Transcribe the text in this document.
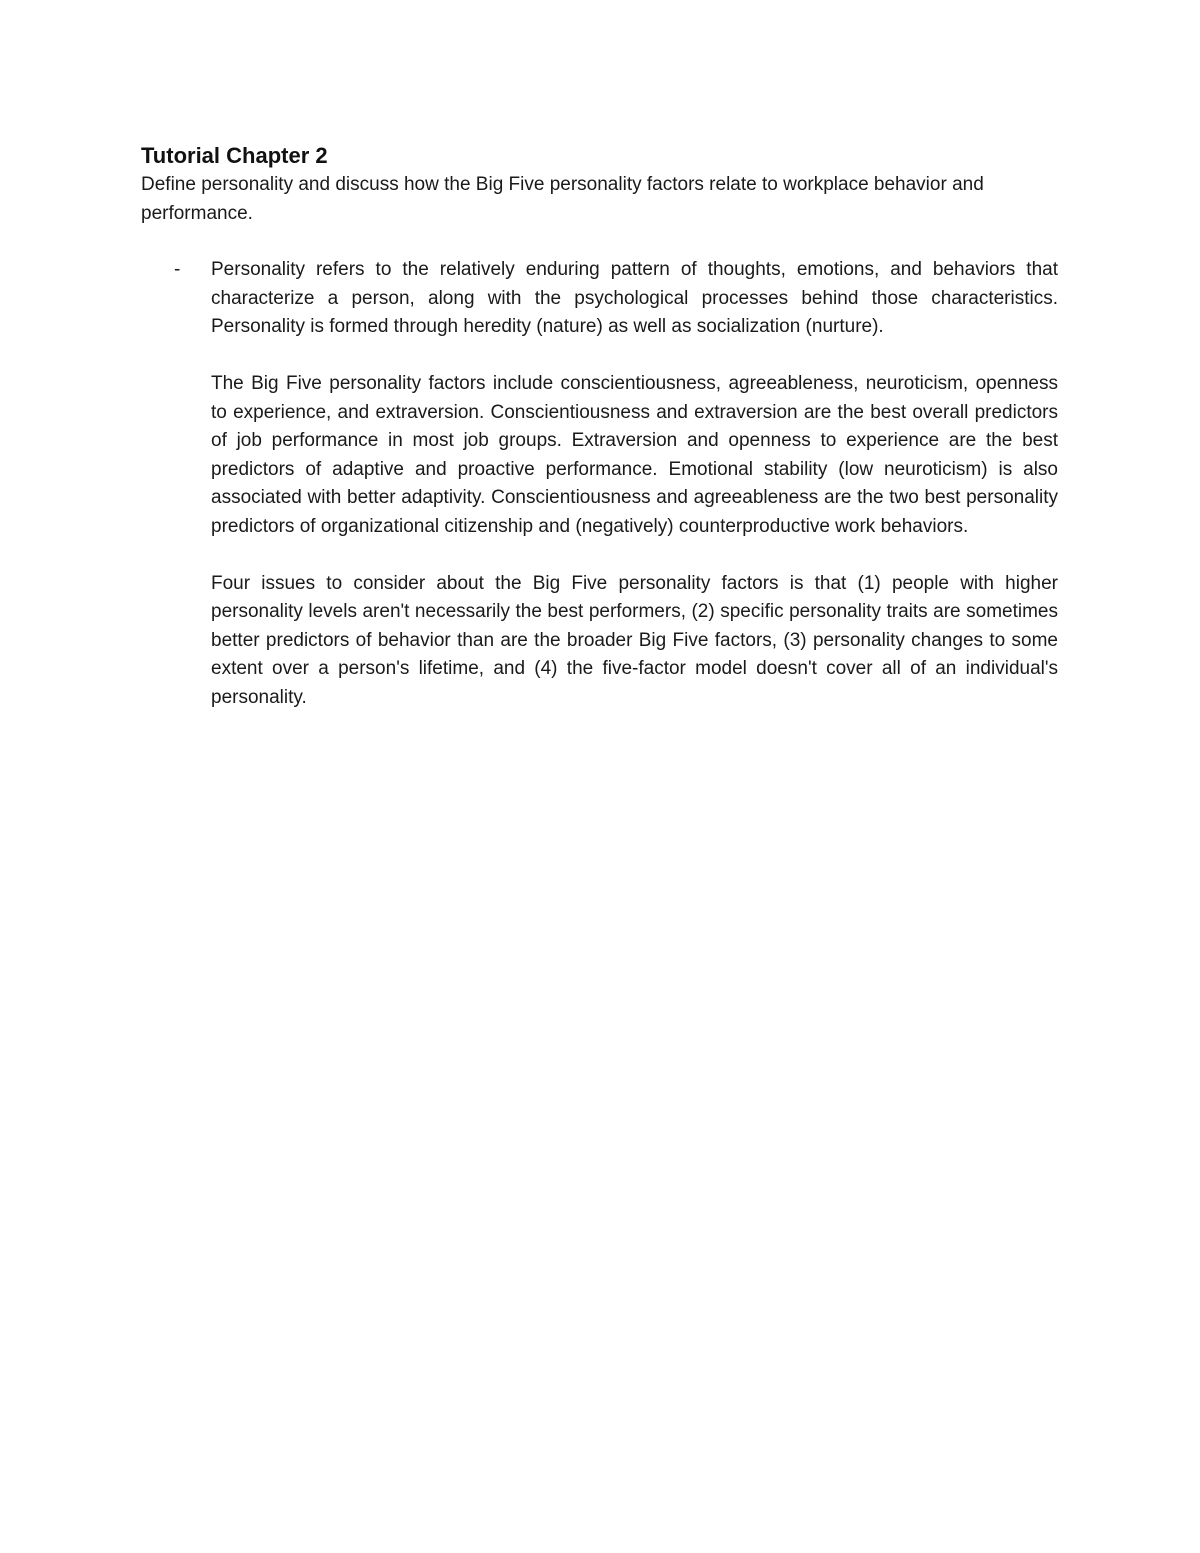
Tutorial Chapter 2

Define personality and discuss how the Big Five personality factors relate to workplace behavior and performance.

- Personality refers to the relatively enduring pattern of thoughts, emotions, and behaviors that characterize a person, along with the psychological processes behind those characteristics. Personality is formed through heredity (nature) as well as socialization (nurture).

The Big Five personality factors include conscientiousness, agreeableness, neuroticism, openness to experience, and extraversion. Conscientiousness and extraversion are the best overall predictors of job performance in most job groups. Extraversion and openness to experience are the best predictors of adaptive and proactive performance. Emotional stability (low neuroticism) is also associated with better adaptivity. Conscientiousness and agreeableness are the two best personality predictors of organizational citizenship and (negatively) counterproductive work behaviors.

Four issues to consider about the Big Five personality factors is that (1) people with higher personality levels aren't necessarily the best performers, (2) specific personality traits are sometimes better predictors of behavior than are the broader Big Five factors, (3) personality changes to some extent over a person's lifetime, and (4) the five-factor model doesn't cover all of an individual's personality.
